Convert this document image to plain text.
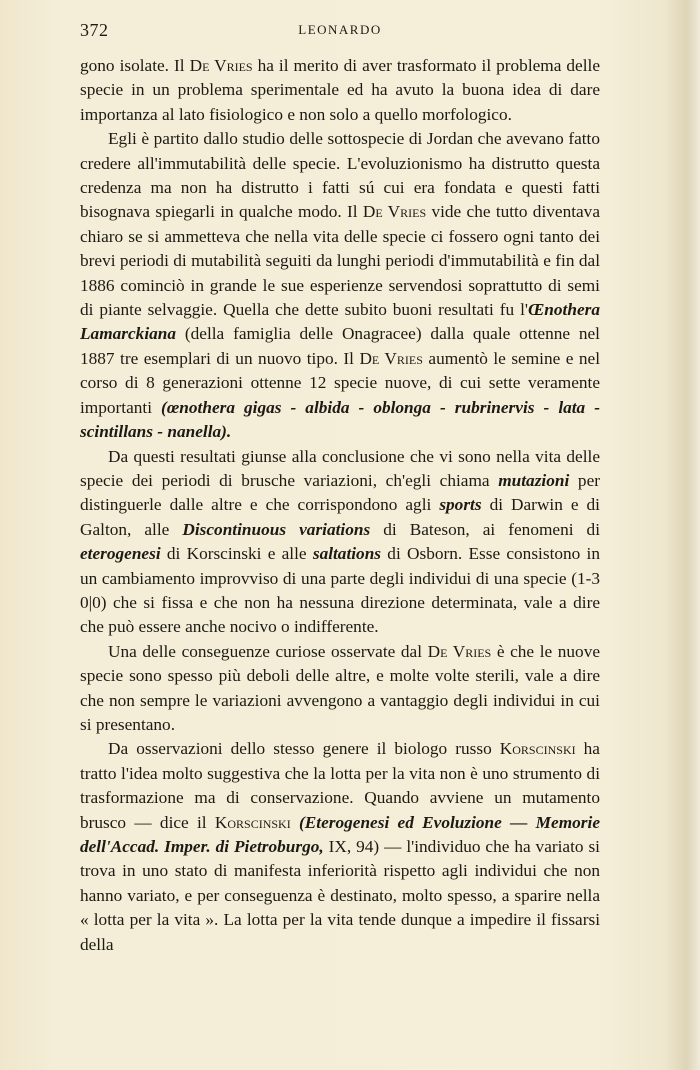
372	LEONARDO

gono isolate. Il De Vries ha il merito di aver trasformato il problema delle specie in un problema sperimentale ed ha avuto la buona idea di dare importanza al lato fisiologico e non solo a quello morfologico.

Egli è partito dallo studio delle sottospecie di Jordan che avevano fatto credere all'immutabilità delle specie. L'evoluzionismo ha distrutto questa credenza ma non ha distrutto i fatti sú cui era fondata e questi fatti bisognava spiegarli in qualche modo. Il De Vries vide che tutto diventava chiaro se si ammetteva che nella vita delle specie ci fossero ogni tanto dei brevi periodi di mutabilità seguiti da lunghi periodi d'immutabilità e fin dal 1886 cominciò in grande le sue esperienze servendosi soprattutto di semi di piante selvaggie. Quella che dette subito buoni resultati fu l'Œnothera Lamarckiana (della famiglia delle Onagracee) dalla quale ottenne nel 1887 tre esemplari di un nuovo tipo. Il De Vries aumentò le semine e nel corso di 8 generazioni ottenne 12 specie nuove, di cui sette veramente importanti (œnothera gigas - albida - oblonga - rubrinervis - lata - scintillans - nanella).

Da questi resultati giunse alla conclusione che vi sono nella vita delle specie dei periodi di brusche variazioni, ch'egli chiama mutazioni per distinguerle dalle altre e che corrispondono agli sports di Darwin e di Galton, alle Discontinuous variations di Bateson, ai fenomeni di eterogenesi di Korscinski e alle saltations di Osborn. Esse consistono in un cambiamento improvviso di una parte degli individui di una specie (1-3 0|0) che si fissa e che non ha nessuna direzione determinata, vale a dire che può essere anche nocivo o indifferente.

Una delle conseguenze curiose osservate dal De Vries è che le nuove specie sono spesso più deboli delle altre, e molte volte sterili, vale a dire che non sempre le variazioni avvengono a vantaggio degli individui in cui si presentano.

Da osservazioni dello stesso genere il biologo russo Korscinski ha tratto l'idea molto suggestiva che la lotta per la vita non è uno strumento di trasformazione ma di conservazione. Quando avviene un mutamento brusco — dice il Korscinski (Eterogenesi ed Evoluzione — Memorie dell'Accad. Imper. di Pietroburgo, IX, 94) — l'individuo che ha variato si trova in uno stato di manifesta inferiorità rispetto agli individui che non hanno variato, e per conseguenza è destinato, molto spesso, a sparire nella « lotta per la vita ». La lotta per la vita tende dunque a impedire il fissarsi della
